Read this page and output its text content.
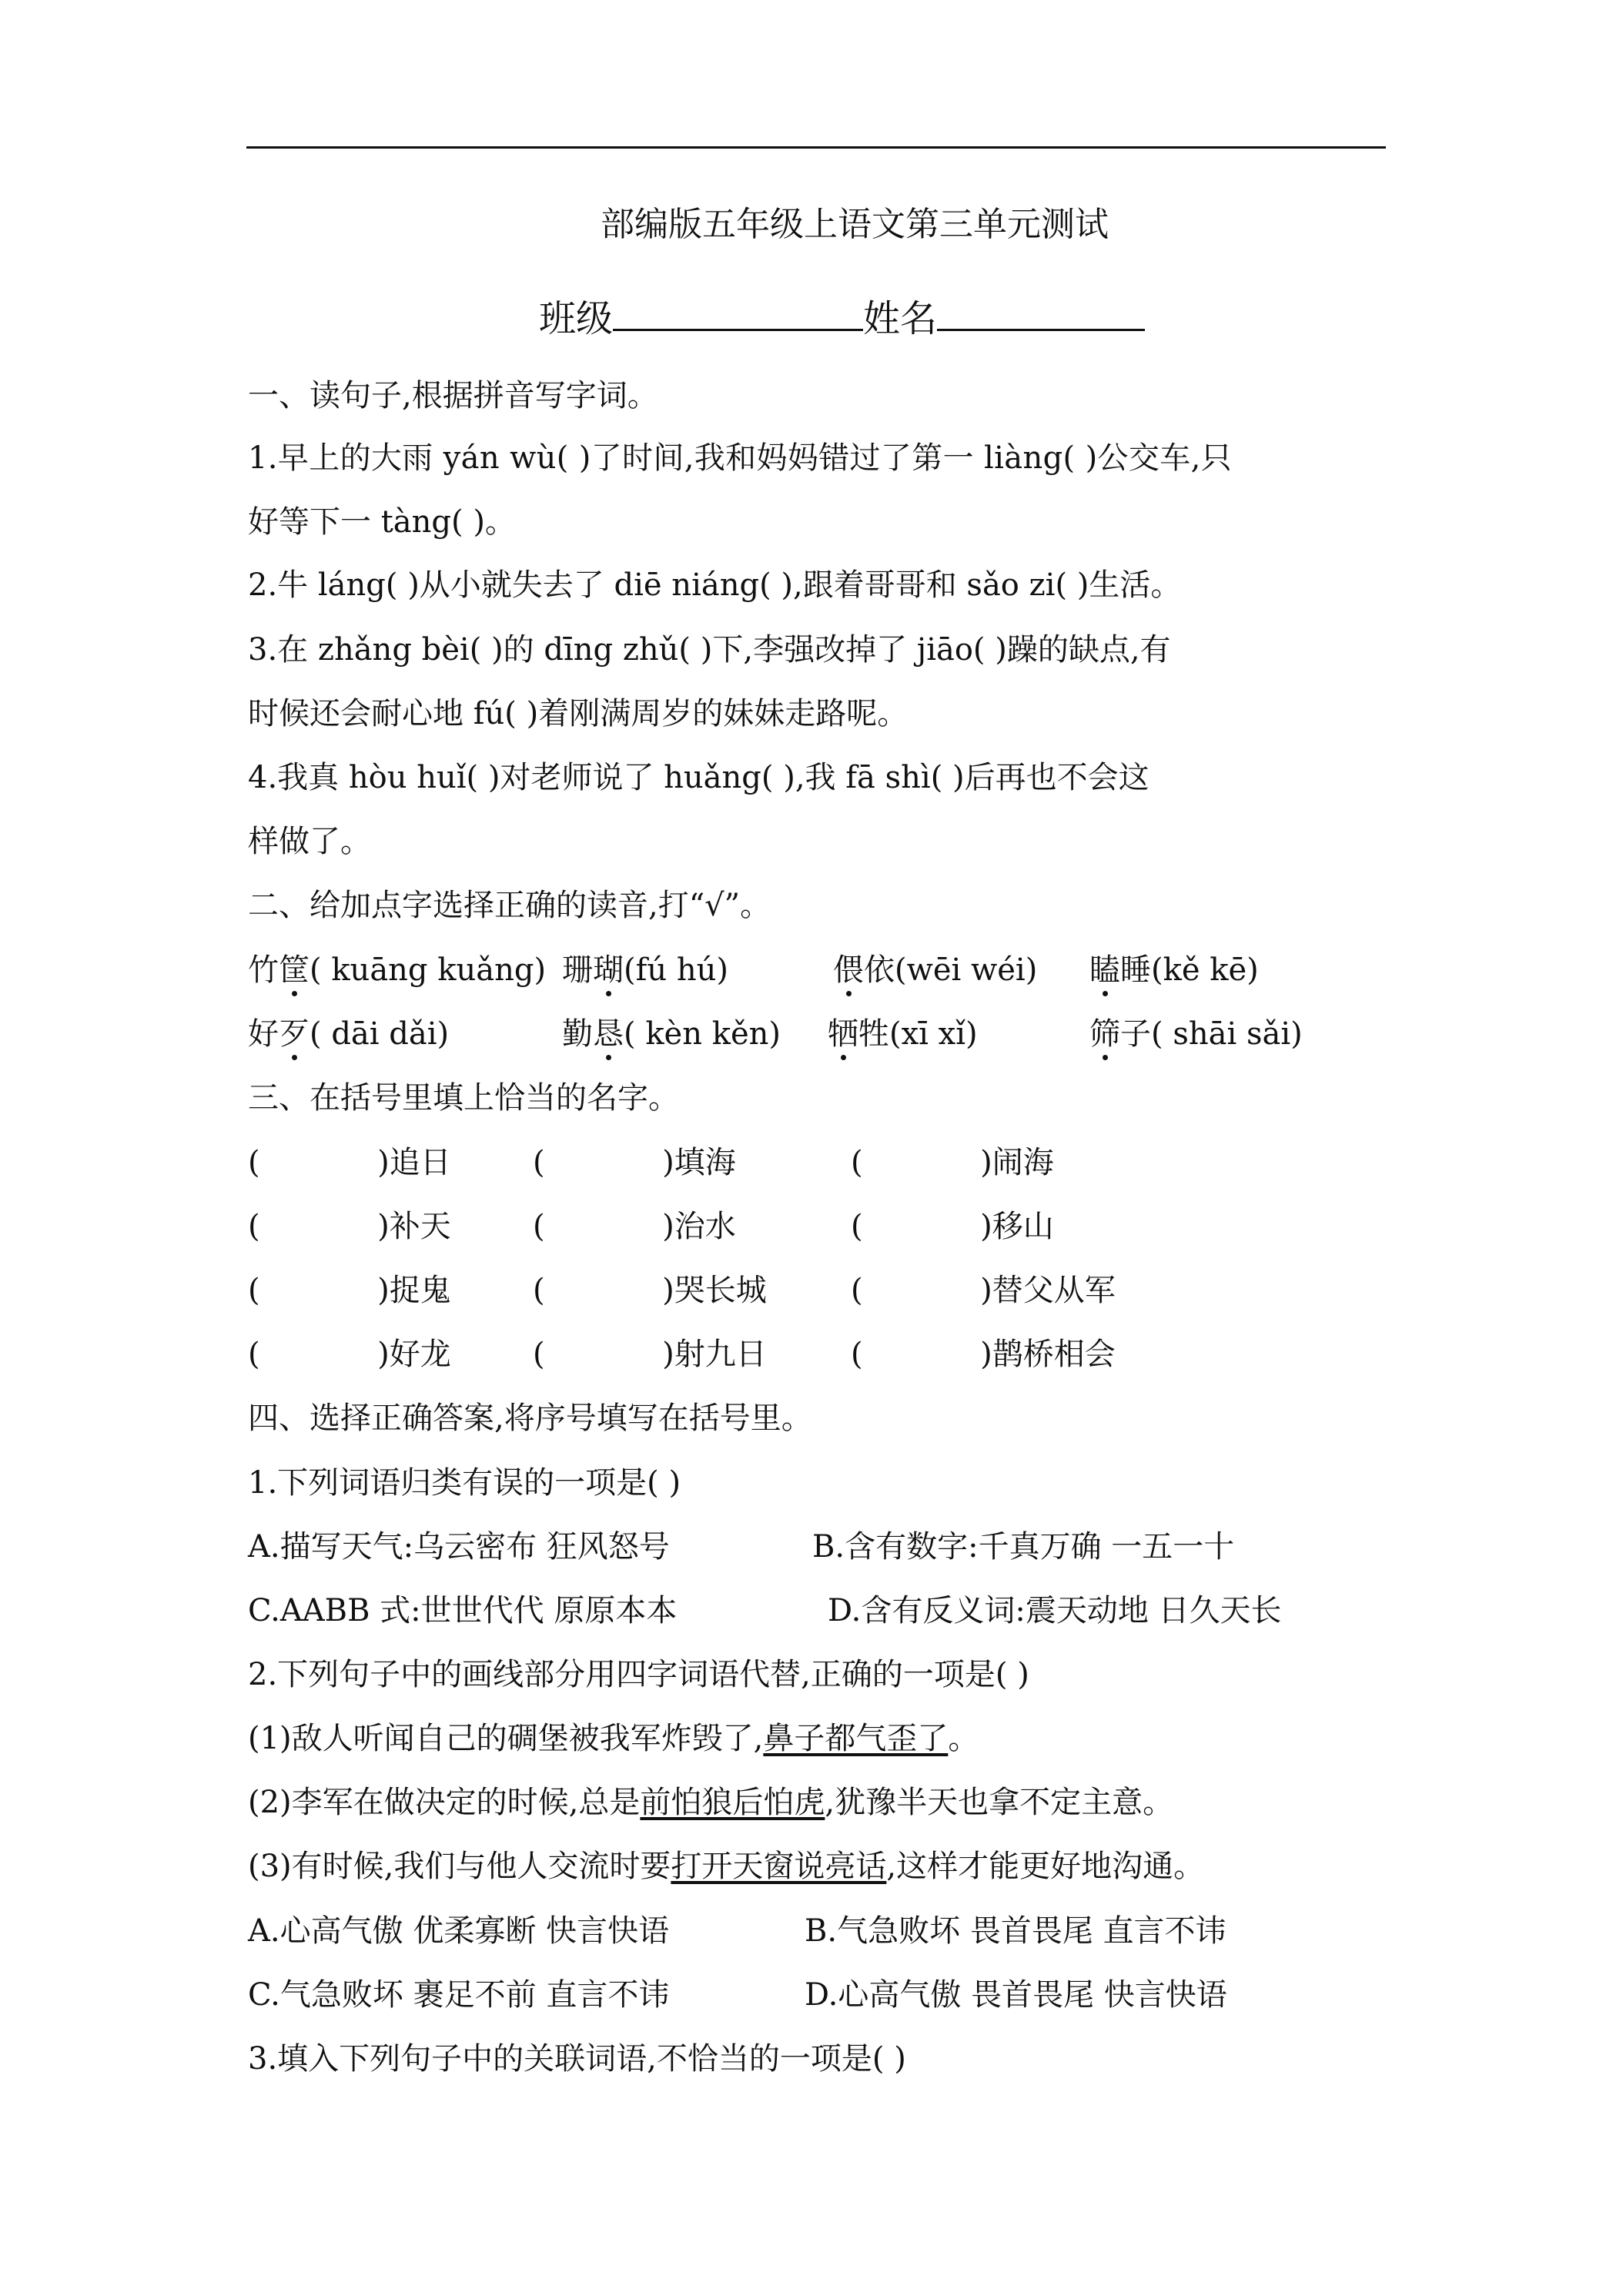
部编版五年级上语文第三单元测试
班级	姓名
一、读句子,根据拼音写字词。
1.早上的大雨 yán wù( )了时间,我和妈妈错过了第一 liàng( )公交车,只
好等下一 tàng( )。
2.牛 láng( )从小就失去了 diē niáng( ),跟着哥哥和 sǎo zi( )生活。
3.在 zhǎng bèi( )的 dīng zhǔ( )下,李强改掉了 jiāo( )躁的缺点,有
时候还会耐心地 fú( )着刚满周岁的妹妹走路呢。
4.我真 hòu huǐ( )对老师说了 huǎng( ),我 fā shì( )后再也不会这
样做了。
二、给加点字选择正确的读音,打“√”。
竹筐( kuāng kuǎng) 珊瑚(fú hú)	偎依(wēi wéi) 瞌睡(kě kē)
好歹( dāi dǎi)	勤恳( kèn kěn) 牺牲(xī xǐ)	筛子( shāi sǎi)
三、在括号里填上恰当的名字。
(            )追日	(            )填海	(            )闹海
(            )补天	(            )治水	(            )移山
(            )捉鬼	(            )哭长城	(            )替父从军
(            )好龙	(            )射九日	(            )鹊桥相会
四、选择正确答案,将序号填写在括号里。
1.下列词语归类有误的一项是( )
A.描写天气:乌云密布 狂风怒号	B.含有数字:千真万确 一五一十
C.AABB 式:世世代代 原原本本	D.含有反义词:震天动地 日久天长
2.下列句子中的画线部分用四字词语代替,正确的一项是( )
(1)敌人听闻自己的碉堡被我军炸毁了,鼻子都气歪了。
(2)李军在做决定的时候,总是前怕狼后怕虎,犹豫半天也拿不定主意。
(3)有时候,我们与他人交流时要打开天窗说亮话,这样才能更好地沟通。
A.心高气傲 优柔寡断 快言快语	B.气急败坏 畏首畏尾 直言不讳
C.气急败坏 裹足不前 直言不讳	D.心高气傲 畏首畏尾 快言快语
3.填入下列句子中的关联词语,不恰当的一项是( )
